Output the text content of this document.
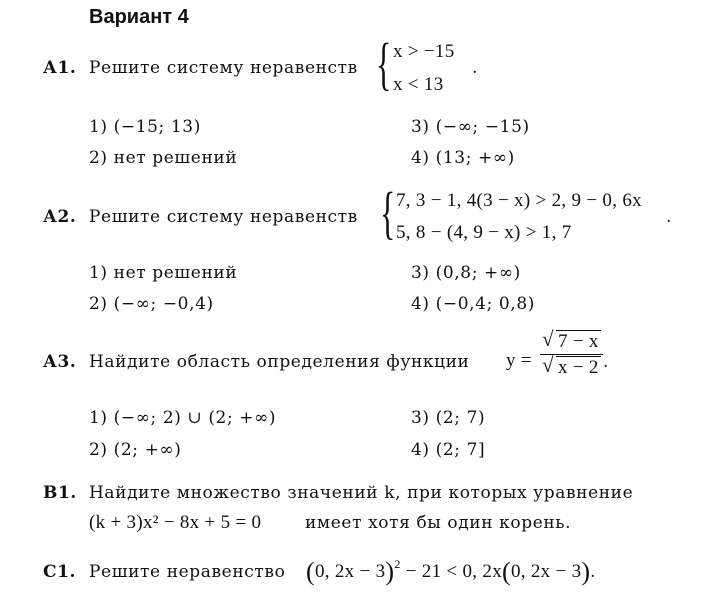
Вариант 4
А1. Решите систему неравенств { x > −15
x < 13
.
1) (−15; 13)	3) (−∞; −15)
2) нет решений	4) (13; +∞)
А2. Решите систему неравенств { 7, 3 − 1, 4(3 − x) > 2, 9 − 0, 6x
5, 8 − (4, 9 − x) > 1, 7
.
1) нет решений	3) (0,8; +∞)
2) (−∞; −0,4)	4) (−0,4; 0,8)
А3. Найдите область определения функции $y = \frac{√ 7 - x}{√ x - 2}$ .
1) (−∞; 2) ∪ (2; +∞)	3) (2; 7)
2) (2; +∞)	4) (2; 7]
В1. Найдите множество значений k, при которых уравнение
(k + 3)x² − 8x + 5 = 0	имеет хотя бы один корень.
С1. Решите неравенство (0, 2x − 3)$^2$ − 21 < 0, 2x(0, 2x − 3).
